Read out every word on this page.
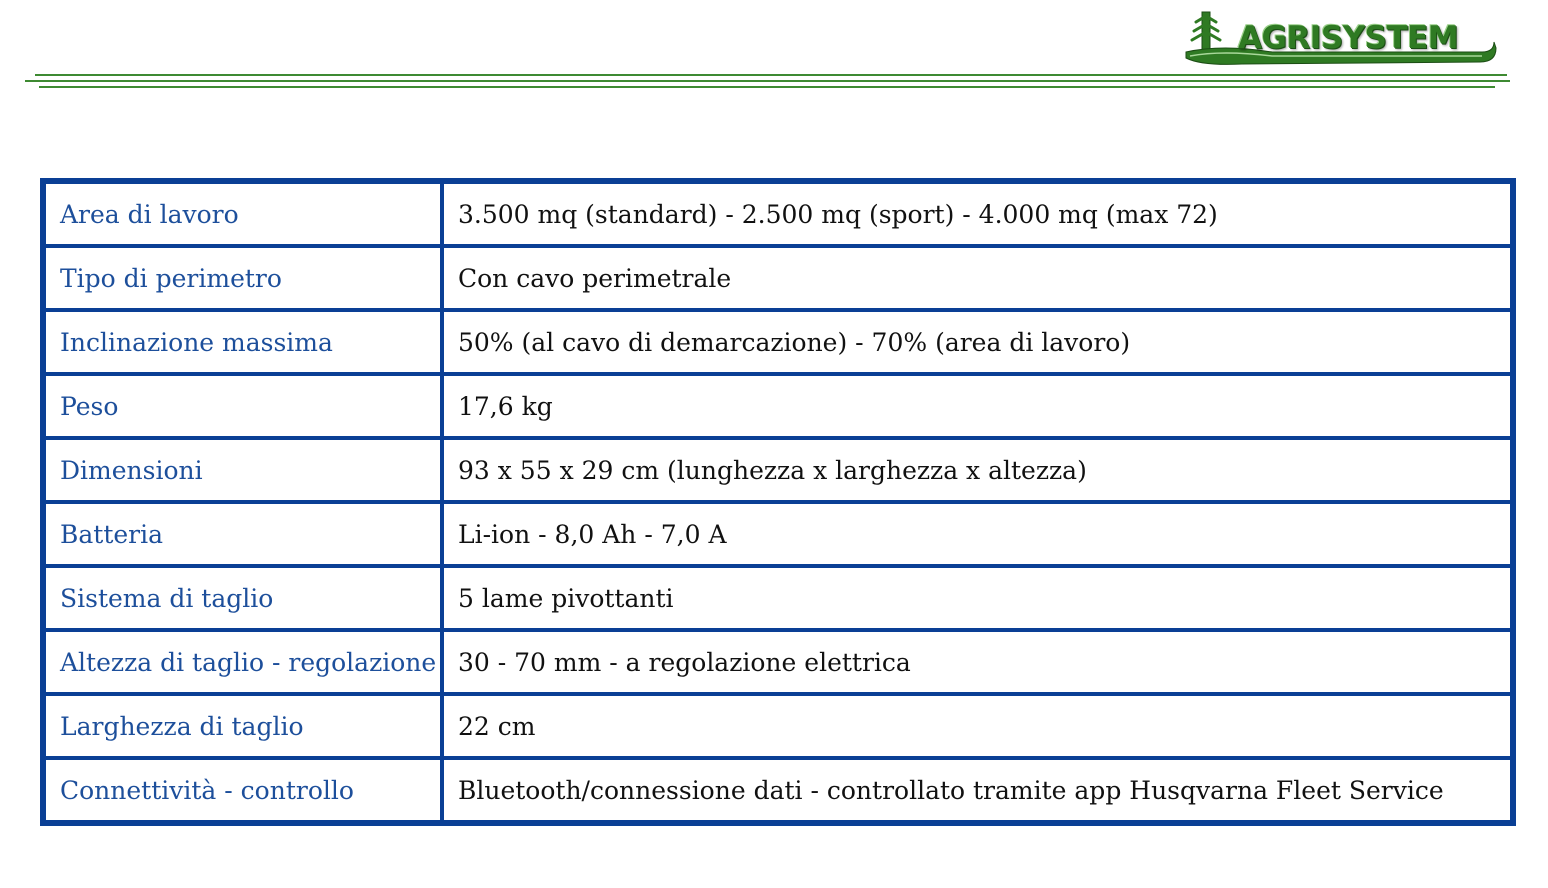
AGRISYSTEM
Area di lavoro	3.500 mq (standard) - 2.500 mq (sport) - 4.000 mq (max 72)
Tipo di perimetro	Con cavo perimetrale
Inclinazione massima	50% (al cavo di demarcazione) - 70% (area di lavoro)
Peso	17,6 kg
Dimensioni	93 x 55 x 29 cm (lunghezza x larghezza x altezza)
Batteria	Li-ion - 8,0 Ah - 7,0 A
Sistema di taglio	5 lame pivottanti
Altezza di taglio - regolazione	30 - 70 mm - a regolazione elettrica
Larghezza di taglio	22 cm
Connettività - controllo	Bluetooth/connessione dati - controllato tramite app Husqvarna Fleet Service
